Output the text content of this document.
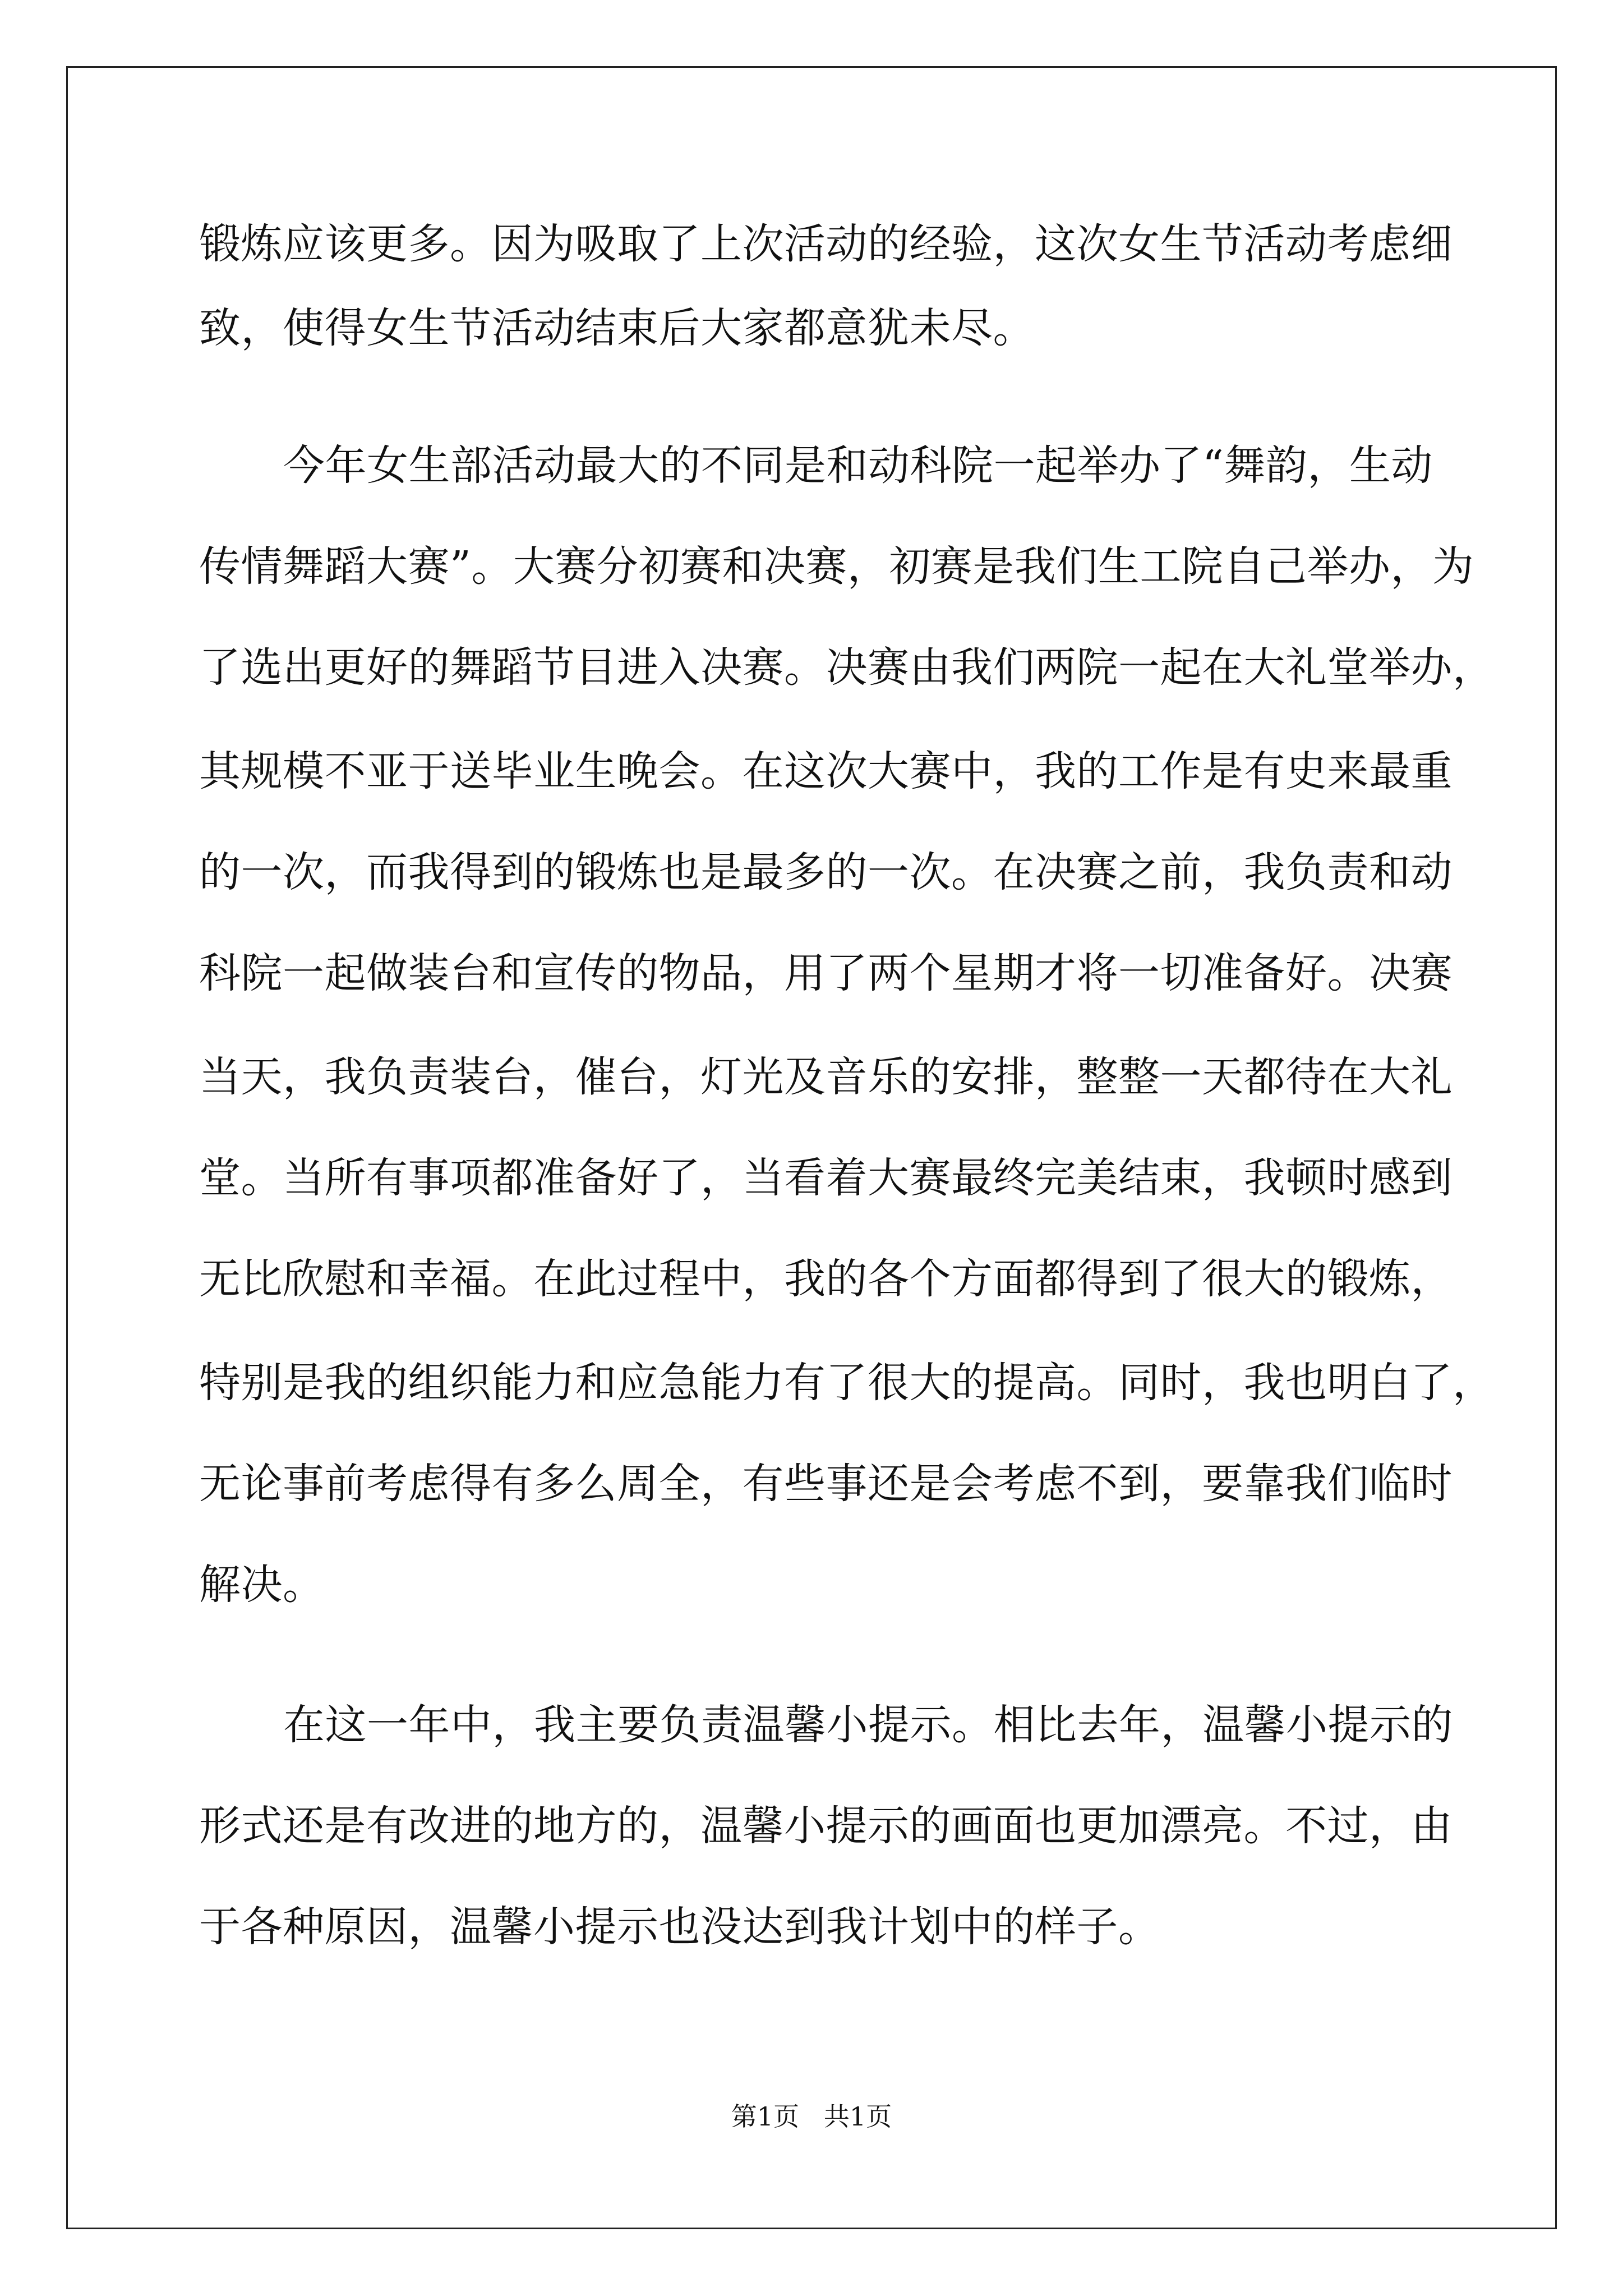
锻炼应该更多。因为吸取了上次活动的经验，这次女生节活动考虑细
致，使得女生节活动结束后大家都意犹未尽。
今年女生部活动最大的不同是和动科院一起举办了“舞韵，生动
传情舞蹈大赛”。大赛分初赛和决赛，初赛是我们生工院自己举办，为
了选出更好的舞蹈节目进入决赛。决赛由我们两院一起在大礼堂举办，
其规模不亚于送毕业生晚会。在这次大赛中，我的工作是有史来最重
的一次，而我得到的锻炼也是最多的一次。在决赛之前，我负责和动
科院一起做装台和宣传的物品，用了两个星期才将一切准备好。决赛
当天，我负责装台，催台，灯光及音乐的安排，整整一天都待在大礼
堂。当所有事项都准备好了，当看着大赛最终完美结束，我顿时感到
无比欣慰和幸福。在此过程中，我的各个方面都得到了很大的锻炼，
特别是我的组织能力和应急能力有了很大的提高。同时，我也明白了，
无论事前考虑得有多么周全，有些事还是会考虑不到，要靠我们临时
解决。
在这一年中，我主要负责温馨小提示。相比去年，温馨小提示的
形式还是有改进的地方的，温馨小提示的画面也更加漂亮。不过，由
于各种原因，温馨小提示也没达到我计划中的样子。
第1页   共1页
